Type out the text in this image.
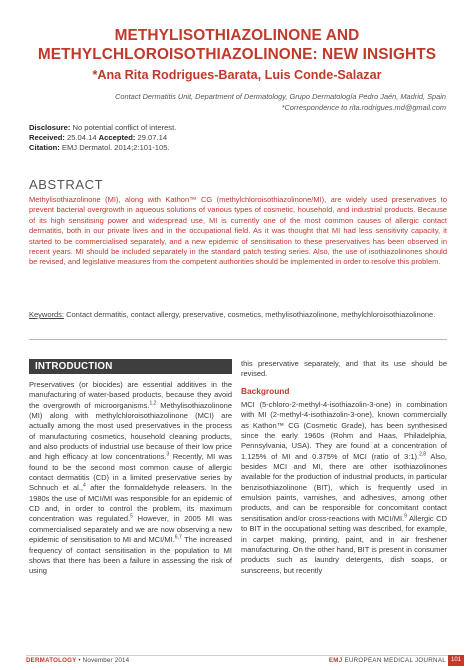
METHYLISOTHIAZOLINONE AND
METHYLCHLOROISOTHIAZOLINONE: NEW INSIGHTS
*Ana Rita Rodrigues-Barata, Luis Conde-Salazar
Contact Dermatitis Unit, Department of Dermatology, Grupo Dermatología Pedro Jaén, Madrid, Spain
*Correspondence to rita.rodrigues.md@gmail.com
Disclosure: No potential conflict of interest.
Received: 25.04.14 Accepted: 29.07.14
Citation: EMJ Dermatol. 2014;2:101-105.
ABSTRACT
Methylisothiazolinone (MI), along with Kathon™ CG (methylchloroisothiazolinone/MI), are widely used preservatives to prevent bacterial overgrowth in aqueous solutions of various types of cosmetic, household, and industrial products. Because of its high sensitising power and widespread use, MI is currently one of the most common causes of allergic contact dermatitis, both in our private lives and in the occupational field. As it was thought that MI had less sensitivity capacity, it started to be commercialised separately, and a new epidemic of sensitisation to these preservatives has been observed in recent years. MI should be included separately in the standard patch testing series. Also, the use of isothiazolinones should be revised, and legislative measures from the competent authorities should be implemented in order to resolve this problem.
Keywords: Contact dermatitis, contact allergy, preservative, cosmetics, methylisothiazolinone, methylchloroisothiazolinone.
INTRODUCTION

Preservatives (or biocides) are essential additives in the manufacturing of water-based products, because they avoid the overgrowth of microorganisms.$^{1,2}$ Methylisothiazolinone (MI) along with methylchloroisothiazolinone (MCI) are actually among the most used preservatives in the process of manufacturing cosmetics, household cleaning products, and also products of industrial use because of their low price and high efficacy at low concentrations.$^3$ Recently, MI was found to be the second most common cause of allergic contact dermatitis (CD) in a limited preservative series by Schnuch et al.,$^4$ after the formaldehyde releasers. In the 1980s the use of MCI/MI was responsible for an epidemic of CD and, in order to control the problem, its maximum concentration was regulated.$^5$ However, in 2005 MI was commercialised separately and we are now observing a new epidemic of sensitisation to MI and MCI/MI.$^{6,7}$ The increased frequency of contact sensitisation in the population to MI shows that there has been a failure in assessing the risk of using

this preservative separately, and that its use should be revised.

Background

MCI (5-chloro-2-methyl-4-isothiazolin-3-one) in combination with MI (2-methyl-4-isothiazolin-3-one), known commercially as Kathon™ CG (Cosmetic Grade), has been synthesised since the early 1960s (Rohm and Haas, Philadelphia, Pennsylvania, USA). They are found at a concentration of 1.125% of MI and 0.375% of MCI (ratio of 3:1).$^{2,8}$ Also, besides MCI and MI, there are other isothiazolinones available for the production of industrial products, in particular benzisothiazolinone (BIT), which is frequently used in emulsion paints, varnishes, and adhesives, among other products, and can be responsible for concomitant contact sensitisation and/or cross-reactions with MCI/MI.$^9$ Allergic CD to BIT in the occupational setting was described, for example, in carpet making, printing, paint, and in air freshener manufacturing. On the other hand, BIT is present in consumer products such as laundry detergents, dish soaps, or sunscreens, but recently

DERMATOLOGY • November 2014	EMJ EUROPEAN MEDICAL JOURNAL 101
